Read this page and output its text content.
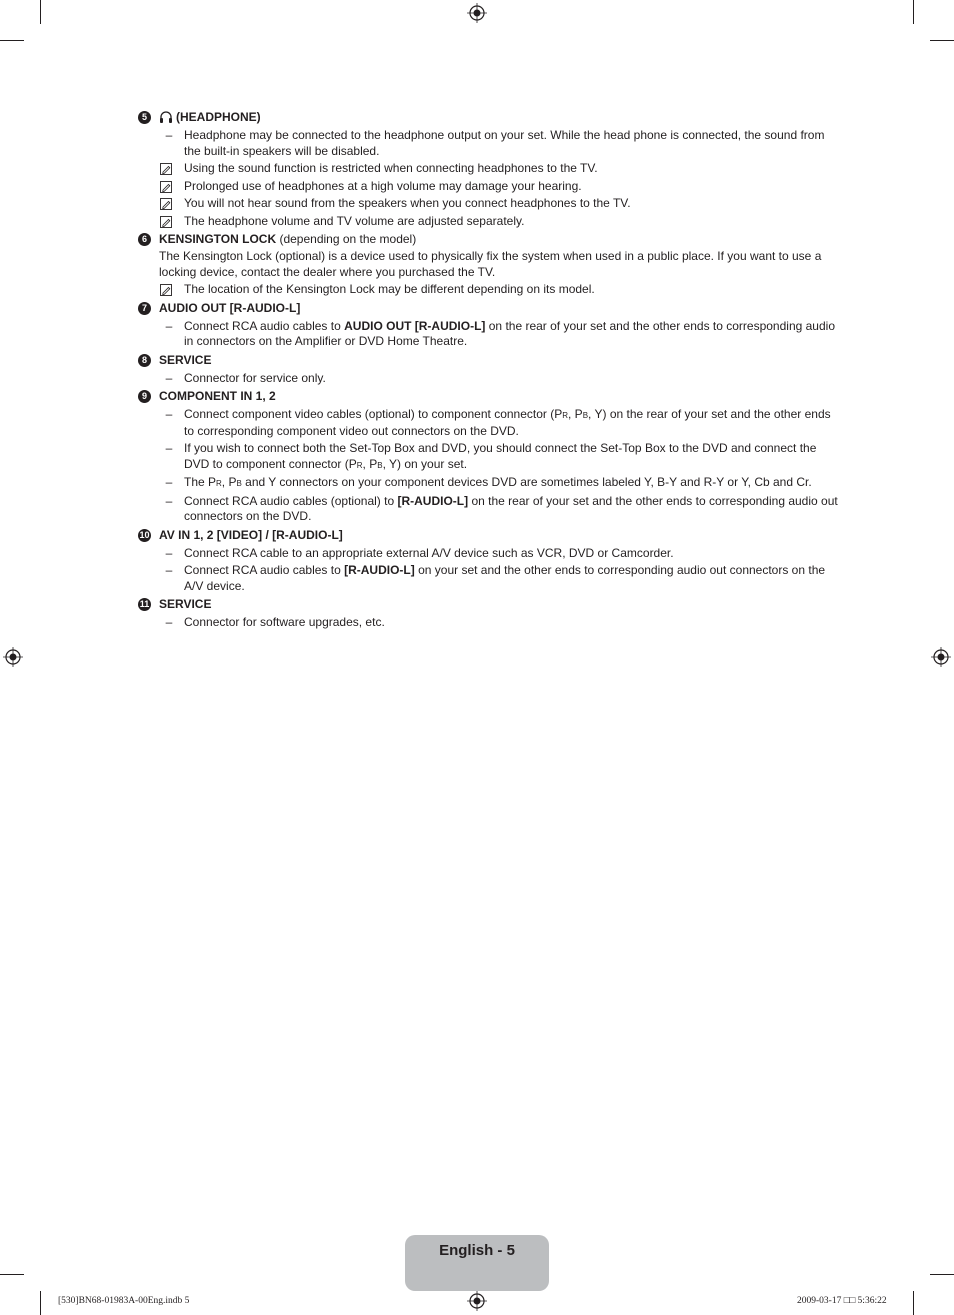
5	(HEADPHONE)
– Headphone may be connected to the headphone output on your set. While the head phone is connected, the sound from the built-in speakers will be disabled.
Using the sound function is restricted when connecting headphones to the TV.
Prolonged use of headphones at a high volume may damage your hearing.
You will not hear sound from the speakers when you connect headphones to the TV.
The headphone volume and TV volume are adjusted separately.
6	KENSINGTON LOCK (depending on the model)
The Kensington Lock (optional) is a device used to physically fix the system when used in a public place. If you want to use a locking device, contact the dealer where you purchased the TV.
The location of the Kensington Lock may be different depending on its model.
7	AUDIO OUT [R-AUDIO-L]
– Connect RCA audio cables to AUDIO OUT [R-AUDIO-L] on the rear of your set and the other ends to corresponding audio in connectors on the Amplifier or DVD Home Theatre.
8	SERVICE
– Connector for service only.
9	COMPONENT IN 1, 2
– Connect component video cables (optional) to component connector (PR, PB, Y) on the rear of your set and the other ends to corresponding component video out connectors on the DVD.
– If you wish to connect both the Set-Top Box and DVD, you should connect the Set-Top Box to the DVD and connect the DVD to component connector (PR, PB, Y) on your set.
– The PR, PB and Y connectors on your component devices DVD are sometimes labeled Y, B-Y and R-Y or Y, Cb and Cr.
– Connect RCA audio cables (optional) to [R-AUDIO-L] on the rear of your set and the other ends to corresponding audio out connectors on the DVD.
10 AV IN 1, 2 [VIDEO] / [R-AUDIO-L]
– Connect RCA cable to an appropriate external A/V device such as VCR, DVD or Camcorder.
– Connect RCA audio cables to [R-AUDIO-L] on your set and the other ends to corresponding audio out connectors on the A/V device.
11 SERVICE
– Connector for software upgrades, etc.
English - 5
[530]BN68-01983A-00Eng.indb 5	2009-03-17 □□ 5:36:22
